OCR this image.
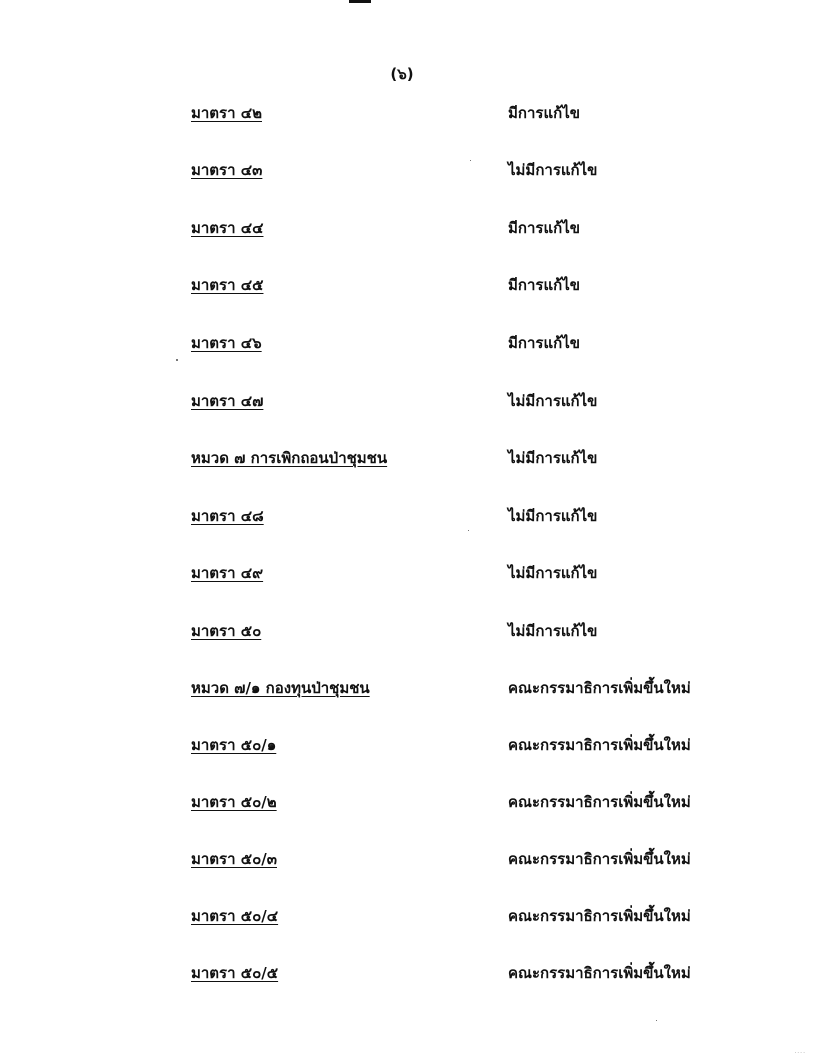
(๖)
มาตรา ๔๒	มีการแก้ไข
มาตรา ๔๓	ไม่มีการแก้ไข
มาตรา ๔๔	มีการแก้ไข
มาตรา ๔๕	มีการแก้ไข
มาตรา ๔๖	มีการแก้ไข
มาตรา ๔๗	ไม่มีการแก้ไข
หมวด ๗ การเพิกถอนป่าชุมชน	ไม่มีการแก้ไข
มาตรา ๔๘	ไม่มีการแก้ไข
มาตรา ๔๙	ไม่มีการแก้ไข
มาตรา ๕๐	ไม่มีการแก้ไข
หมวด ๗/๑ กองทุนป่าชุมชน	คณะกรรมาธิการเพิ่มขึ้นใหม่
มาตรา ๕๐/๑	คณะกรรมาธิการเพิ่มขึ้นใหม่
มาตรา ๕๐/๒	คณะกรรมาธิการเพิ่มขึ้นใหม่
มาตรา ๕๐/๓	คณะกรรมาธิการเพิ่มขึ้นใหม่
มาตรา ๕๐/๔	คณะกรรมาธิการเพิ่มขึ้นใหม่
มาตรา ๕๐/๕	คณะกรรมาธิการเพิ่มขึ้นใหม่
....
